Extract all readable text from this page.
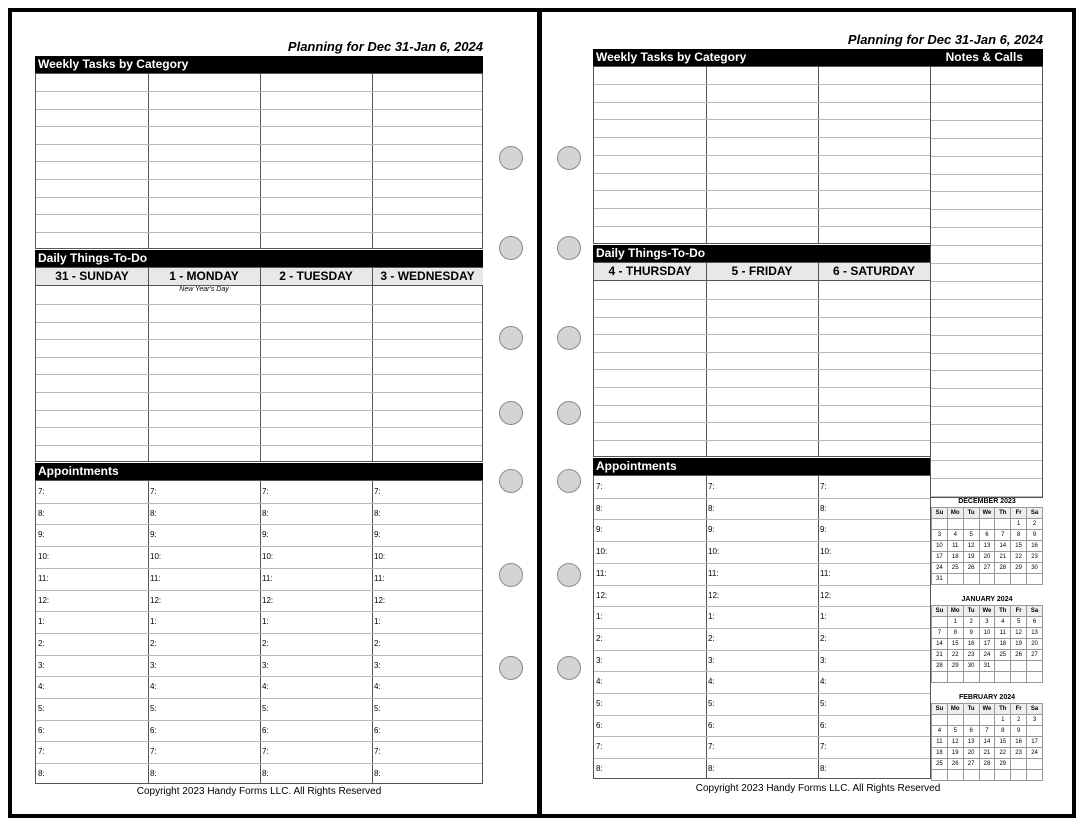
Planning for Dec 31-Jan 6, 2024
Weekly Tasks by Category
Daily Things-To-Do
31 - SUNDAY	1 - MONDAY	2 - TUESDAY	3 - WEDNESDAY
New Year's Day
Appointments
7:	7:	7:	7:
8:	8:	8:	8:
9:	9:	9:	9:
10:	10:	10:	10:
11:	11:	11:	11:
12:	12:	12:	12:
1:	1:	1:	1:
2:	2:	2:	2:
3:	3:	3:	3:
4:	4:	4:	4:
5:	5:	5:	5:
6:	6:	6:	6:
7:	7:	7:	7:
8:	8:	8:	8:
Copyright 2023 Handy Forms LLC. All Rights Reserved
Planning for Dec 31-Jan 6, 2024
Weekly Tasks by Category	Notes & Calls
Daily Things-To-Do
4 - THURSDAY	5 - FRIDAY	6 - SATURDAY
Appointments
7:	7:	7:
8:	8:	8:
9:	9:	9:
10:	10:	10:
11:	11:	11:
12:	12:	12:
1:	1:	1:
2:	2:	2:
3:	3:	3:
4:	4:	4:
5:	5:	5:
6:	6:	6:
7:	7:	7:
8:	8:	8:
DECEMBER 2023
Su	Mo	Tu	We	Th	Fr	Sa
					1	2
3	4	5	6	7	8	9
10	11	12	13	14	15	16
17	18	19	20	21	22	23
24	25	26	27	28	29	30
31						
JANUARY 2024
Su	Mo	Tu	We	Th	Fr	Sa
	1	2	3	4	5	6
7	8	9	10	11	12	13
14	15	16	17	18	19	20
21	22	23	24	25	26	27
28	29	30	31			

FEBRUARY 2024
Su	Mo	Tu	We	Th	Fr	Sa
				1	2	3
4	5	6	7	8	9	
11	12	13	14	15	16	17
18	19	20	21	22	23	24
25	26	27	28	29		

Copyright 2023 Handy Forms LLC. All Rights Reserved
